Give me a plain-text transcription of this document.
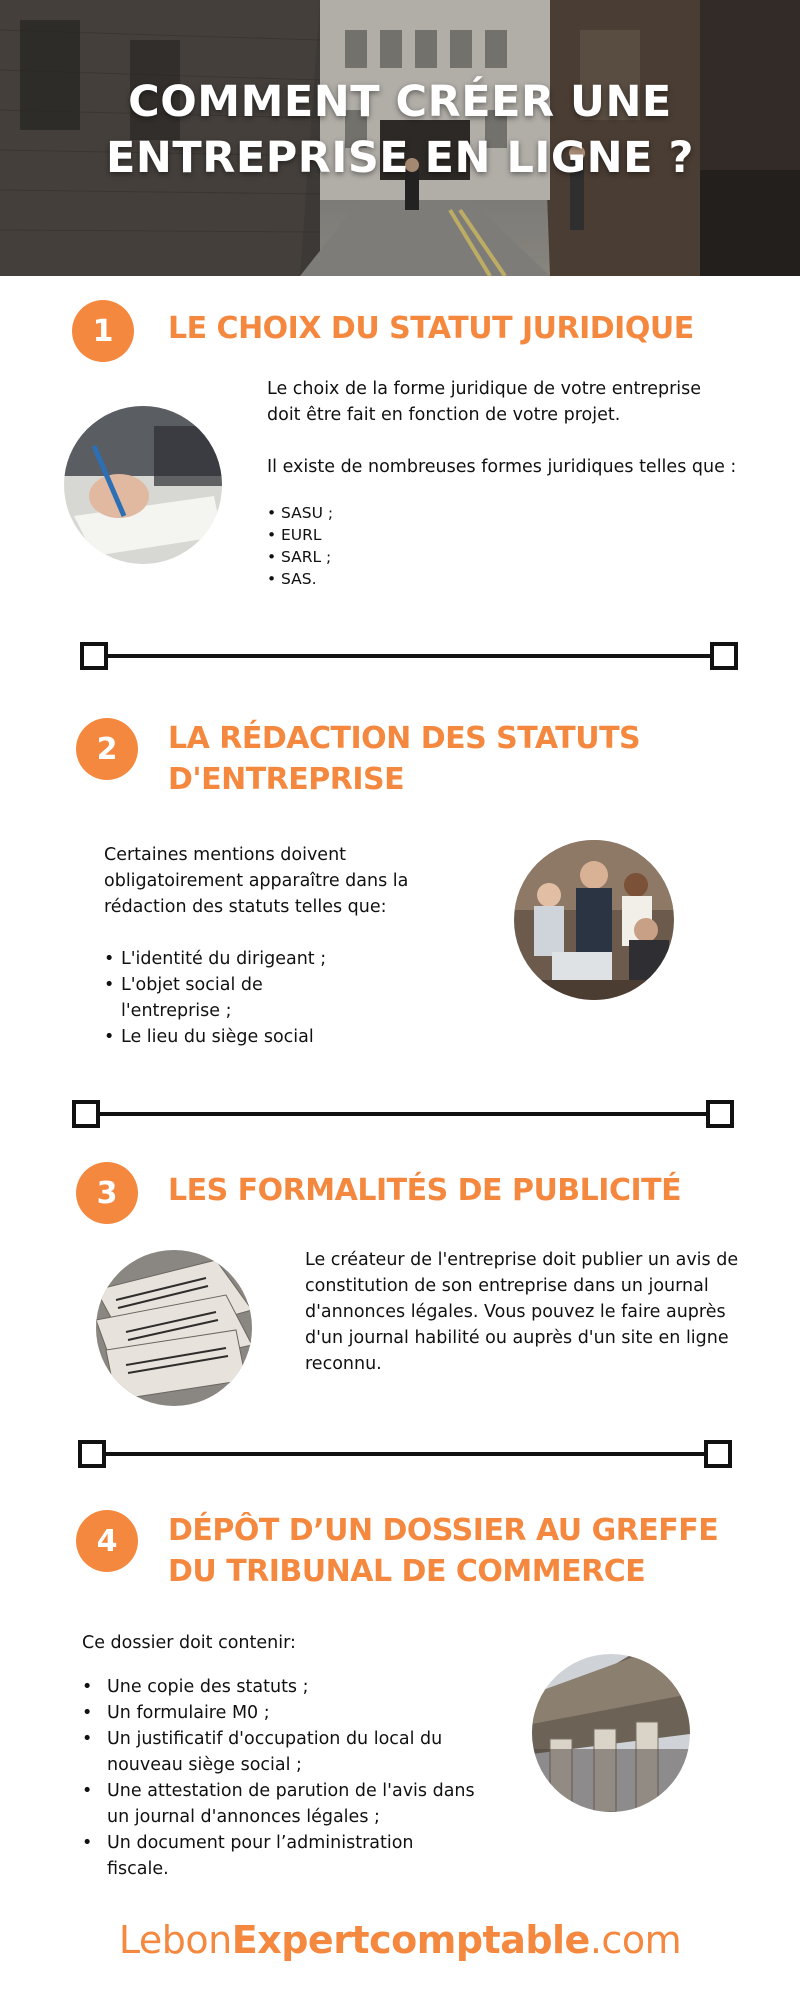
COMMENT CRÉER UNE
ENTREPRISE EN LIGNE ?
1 LE CHOIX DU STATUT JURIDIQUE

Le choix de la forme juridique de votre entreprise doit être fait en fonction de votre projet.

Il existe de nombreuses formes juridiques telles que :

• SASU ;
• EURL
• SARL ;
• SAS.
2 LA RÉDACTION DES STATUTS
D'ENTREPRISE

Certaines mentions doivent obligatoirement apparaître dans la rédaction des statuts telles que:

• L'identité du dirigeant ;
• L'objet social de l'entreprise ;
• Le lieu du siège social
3 LES FORMALITÉS DE PUBLICITÉ

Le créateur de l'entreprise doit publier un avis de constitution de son entreprise dans un journal d'annonces légales. Vous pouvez le faire auprès d'un journal habilité ou auprès d'un site en ligne reconnu.

4 DÉPÔT D’UN DOSSIER AU GREFFE
DU TRIBUNAL DE COMMERCE

Ce dossier doit contenir:

• Une copie des statuts ;
• Un formulaire M0 ;
• Un justificatif d'occupation du local du nouveau siège social ;
• Une attestation de parution de l'avis dans un journal d'annonces légales ;
• Un document pour l’administration fiscale.
LebonExpertcomptable.com
